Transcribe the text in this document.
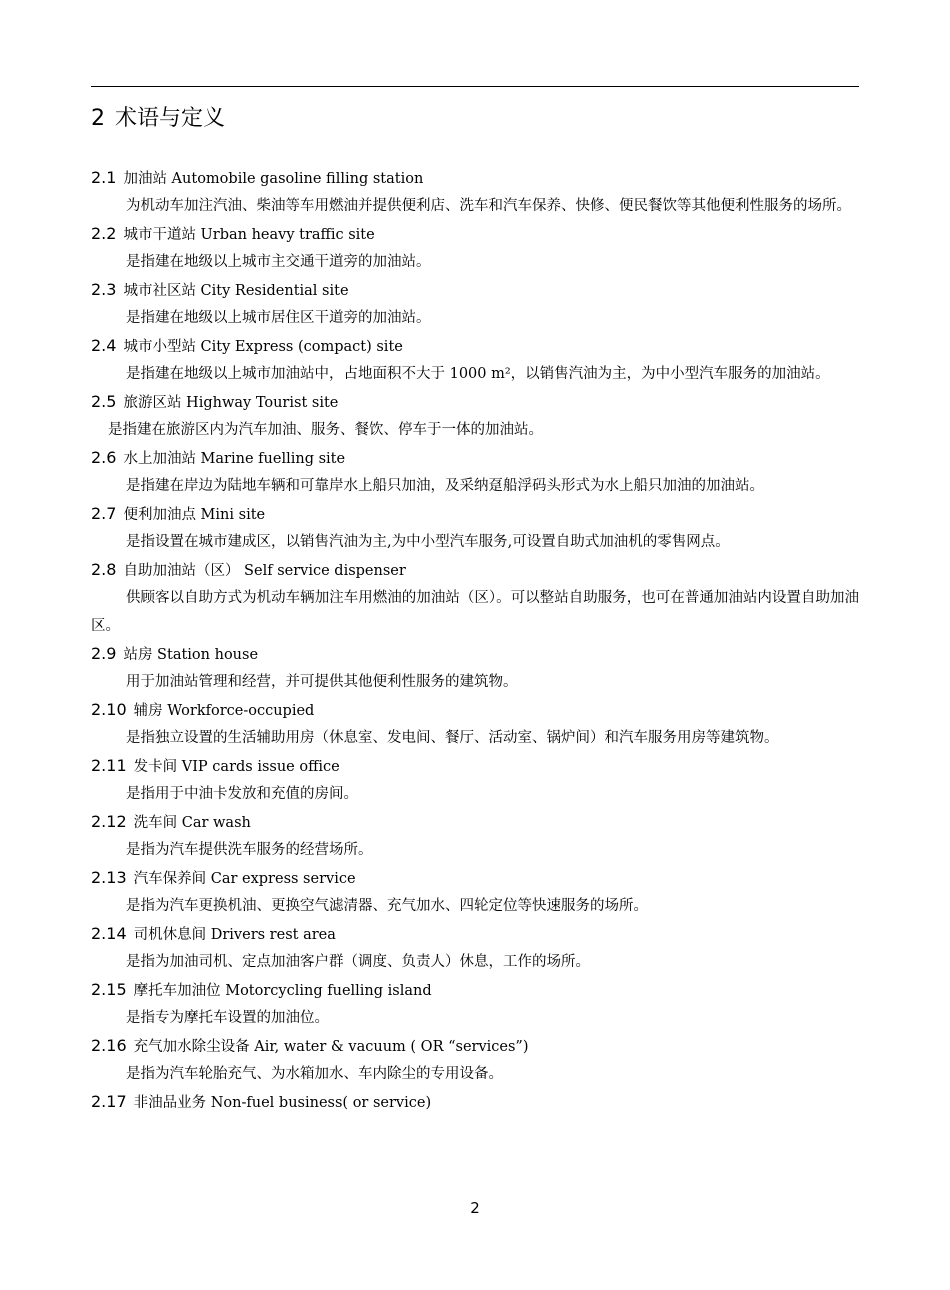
2 术语与定义
2.1 加油站 Automobile gasoline filling station
为机动车加注汽油、柴油等车用燃油并提供便利店、洗车和汽车保养、快修、便民餐饮等其他便利性服务的场所。
2.2 城市干道站 Urban heavy traffic site
是指建在地级以上城市主交通干道旁的加油站。
2.3 城市社区站 City Residential site
是指建在地级以上城市居住区干道旁的加油站。
2.4 城市小型站 City Express (compact) site
是指建在地级以上城市加油站中，占地面积不大于 1000 m²，以销售汽油为主，为中小型汽车服务的加油站。
2.5 旅游区站 Highway Tourist site
是指建在旅游区内为汽车加油、服务、餐饮、停车于一体的加油站。
2.6 水上加油站 Marine fuelling site
是指建在岸边为陆地车辆和可靠岸水上船只加油，及采纳趸船浮码头形式为水上船只加油的加油站。
2.7 便利加油点 Mini site
是指设置在城市建成区，以销售汽油为主,为中小型汽车服务,可设置自助式加油机的零售网点。
2.8 自助加油站（区） Self service dispenser
供顾客以自助方式为机动车辆加注车用燃油的加油站（区）。可以整站自助服务，也可在普通加油站内设置自助加油区。
2.9 站房 Station house
用于加油站管理和经营，并可提供其他便利性服务的建筑物。
2.10 辅房 Workforce-occupied
是指独立设置的生活辅助用房（休息室、发电间、餐厅、活动室、锅炉间）和汽车服务用房等建筑物。
2.11 发卡间 VIP cards issue office
是指用于中油卡发放和充值的房间。
2.12 洗车间 Car wash
是指为汽车提供洗车服务的经营场所。
2.13 汽车保养间 Car express service
是指为汽车更换机油、更换空气滤清器、充气加水、四轮定位等快速服务的场所。
2.14 司机休息间 Drivers rest area
是指为加油司机、定点加油客户群（调度、负责人）休息，工作的场所。
2.15 摩托车加油位 Motorcycling fuelling island
是指专为摩托车设置的加油位。
2.16 充气加水除尘设备 Air, water & vacuum ( OR “services”)
是指为汽车轮胎充气、为水箱加水、车内除尘的专用设备。
2.17 非油品业务 Non-fuel business( or service)
2
